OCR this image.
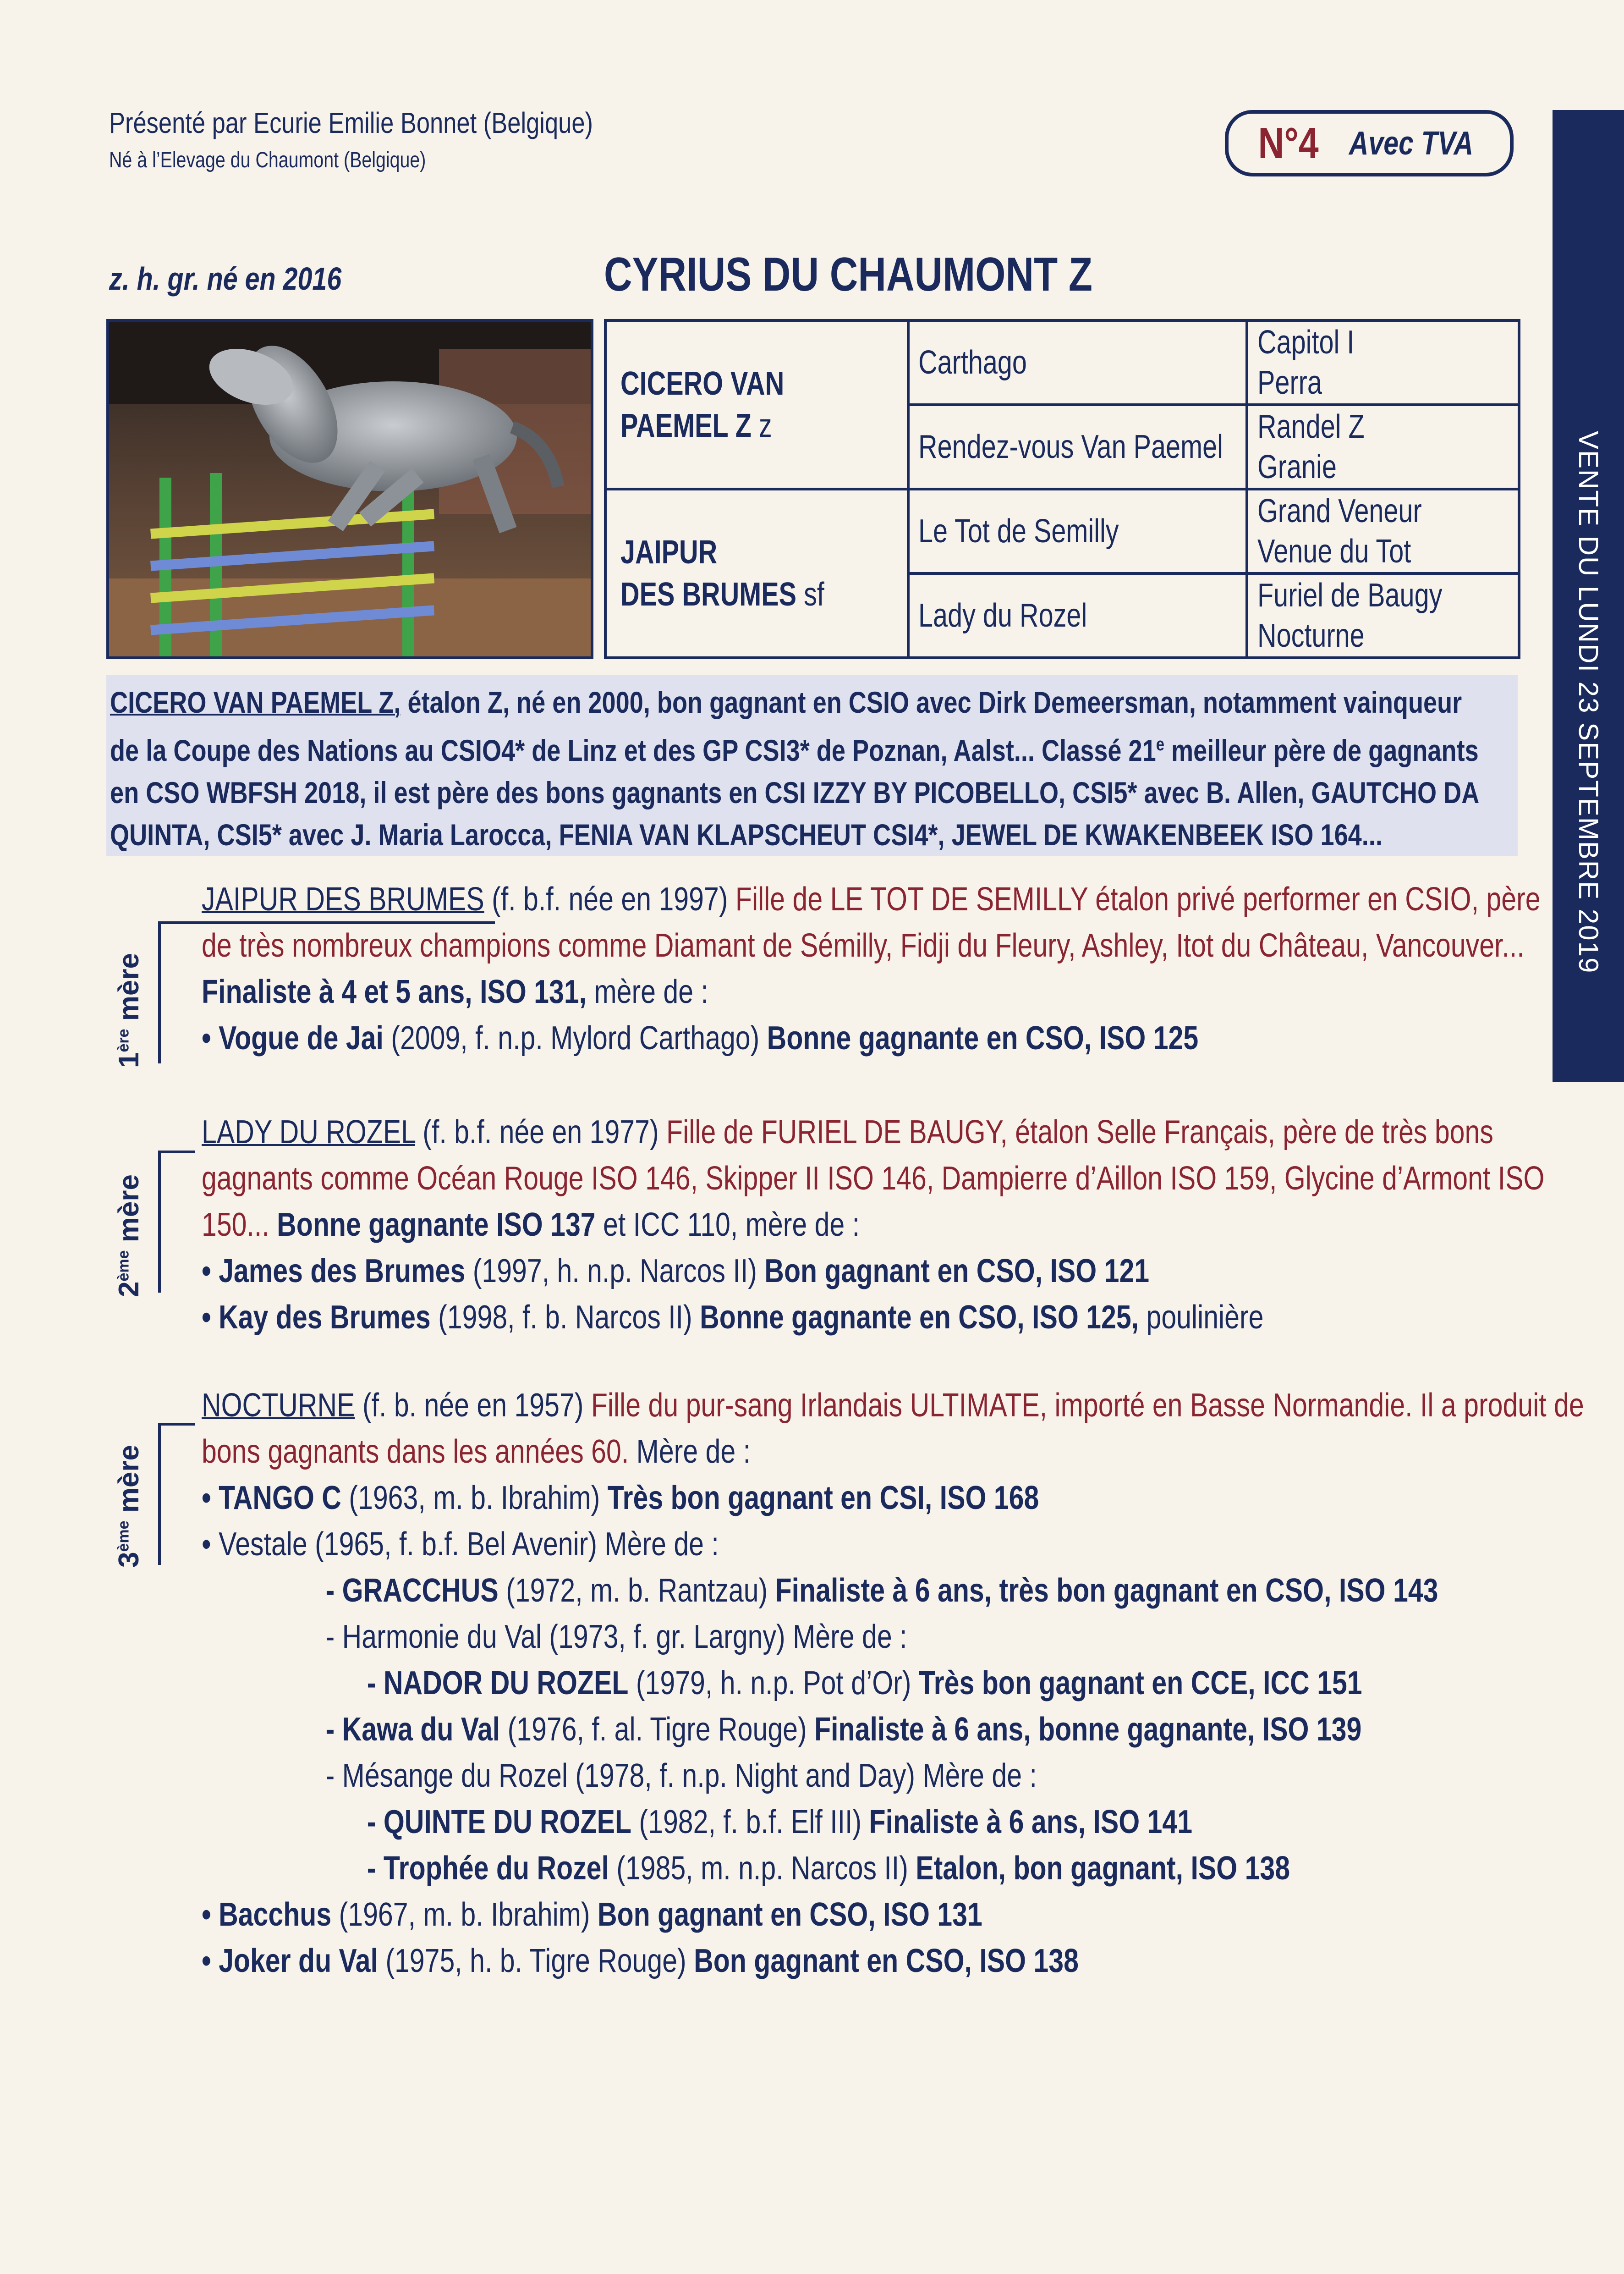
Présenté par Ecurie Emilie Bonnet (Belgique)
Né à l’Elevage du Chaumont (Belgique)	N°4 Avec TVA
VENTE DU LUNDI 23 SEPTEMBRE 2019
z. h. gr. né en 2016	CYRIUS DU CHAUMONT Z
CICERO VAN
PAEMEL Z z
JAIPUR
DES BRUMES sf
Carthago
Rendez-vous Van Paemel
Le Tot de Semilly
Lady du Rozel
Capitol I
Perra
Randel Z
Granie
Grand Veneur
Venue du Tot
Furiel de Baugy
Nocturne

CICERO VAN PAEMEL Z, étalon Z, né en 2000, bon gagnant en CSIO avec Dirk Demeersman, notamment vainqueur
de la Coupe des Nations au CSIO4* de Linz et des GP CSI3* de Poznan, Aalst... Classé 21e meilleur père de gagnants
en CSO WBFSH 2018, il est père des bons gagnants en CSI IZZY BY PICOBELLO, CSI5* avec B. Allen, GAUTCHO DA
QUINTA, CSI5* avec J. Maria Larocca, FENIA VAN KLAPSCHEUT CSI4*, JEWEL DE KWAKENBEEK ISO 164...

1ère mère

JAIPUR DES BRUMES (f. b.f. née en 1997) Fille de LE TOT DE SEMILLY étalon privé performer en CSIO, père

de très nombreux champions comme Diamant de Sémilly, Fidji du Fleury, Ashley, Itot du Château, Vancouver...

Finaliste à 4 et 5 ans, ISO 131, mère de :

• Vogue de Jai (2009, f. n.p. Mylord Carthago) Bonne gagnante en CSO, ISO 125

2ème mère

LADY DU ROZEL (f. b.f. née en 1977) Fille de FURIEL DE BAUGY, étalon Selle Français, père de très bons

gagnants comme Océan Rouge ISO 146, Skipper II ISO 146, Dampierre d’Aillon ISO 159, Glycine d’Armont ISO

150... Bonne gagnante ISO 137 et ICC 110, mère de :

• James des Brumes (1997, h. n.p. Narcos II) Bon gagnant en CSO, ISO 121

• Kay des Brumes (1998, f. b. Narcos II) Bonne gagnante en CSO, ISO 125, poulinière

3ème mère

NOCTURNE (f. b. née en 1957) Fille du pur-sang Irlandais ULTIMATE, importé en Basse Normandie. Il a produit de

bons gagnants dans les années 60. Mère de :

• TANGO C (1963, m. b. Ibrahim) Très bon gagnant en CSI, ISO 168

• Vestale (1965, f. b.f. Bel Avenir) Mère de :

- GRACCHUS (1972, m. b. Rantzau) Finaliste à 6 ans, très bon gagnant en CSO, ISO 143

- Harmonie du Val (1973, f. gr. Largny) Mère de :

- NADOR DU ROZEL (1979, h. n.p. Pot d’Or) Très bon gagnant en CCE, ICC 151

- Kawa du Val (1976, f. al. Tigre Rouge) Finaliste à 6 ans, bonne gagnante, ISO 139

- Mésange du Rozel (1978, f. n.p. Night and Day) Mère de :

- QUINTE DU ROZEL (1982, f. b.f. Elf III) Finaliste à 6 ans, ISO 141

- Trophée du Rozel (1985, m. n.p. Narcos II) Etalon, bon gagnant, ISO 138

• Bacchus (1967, m. b. Ibrahim) Bon gagnant en CSO, ISO 131

• Joker du Val (1975, h. b. Tigre Rouge) Bon gagnant en CSO, ISO 138
